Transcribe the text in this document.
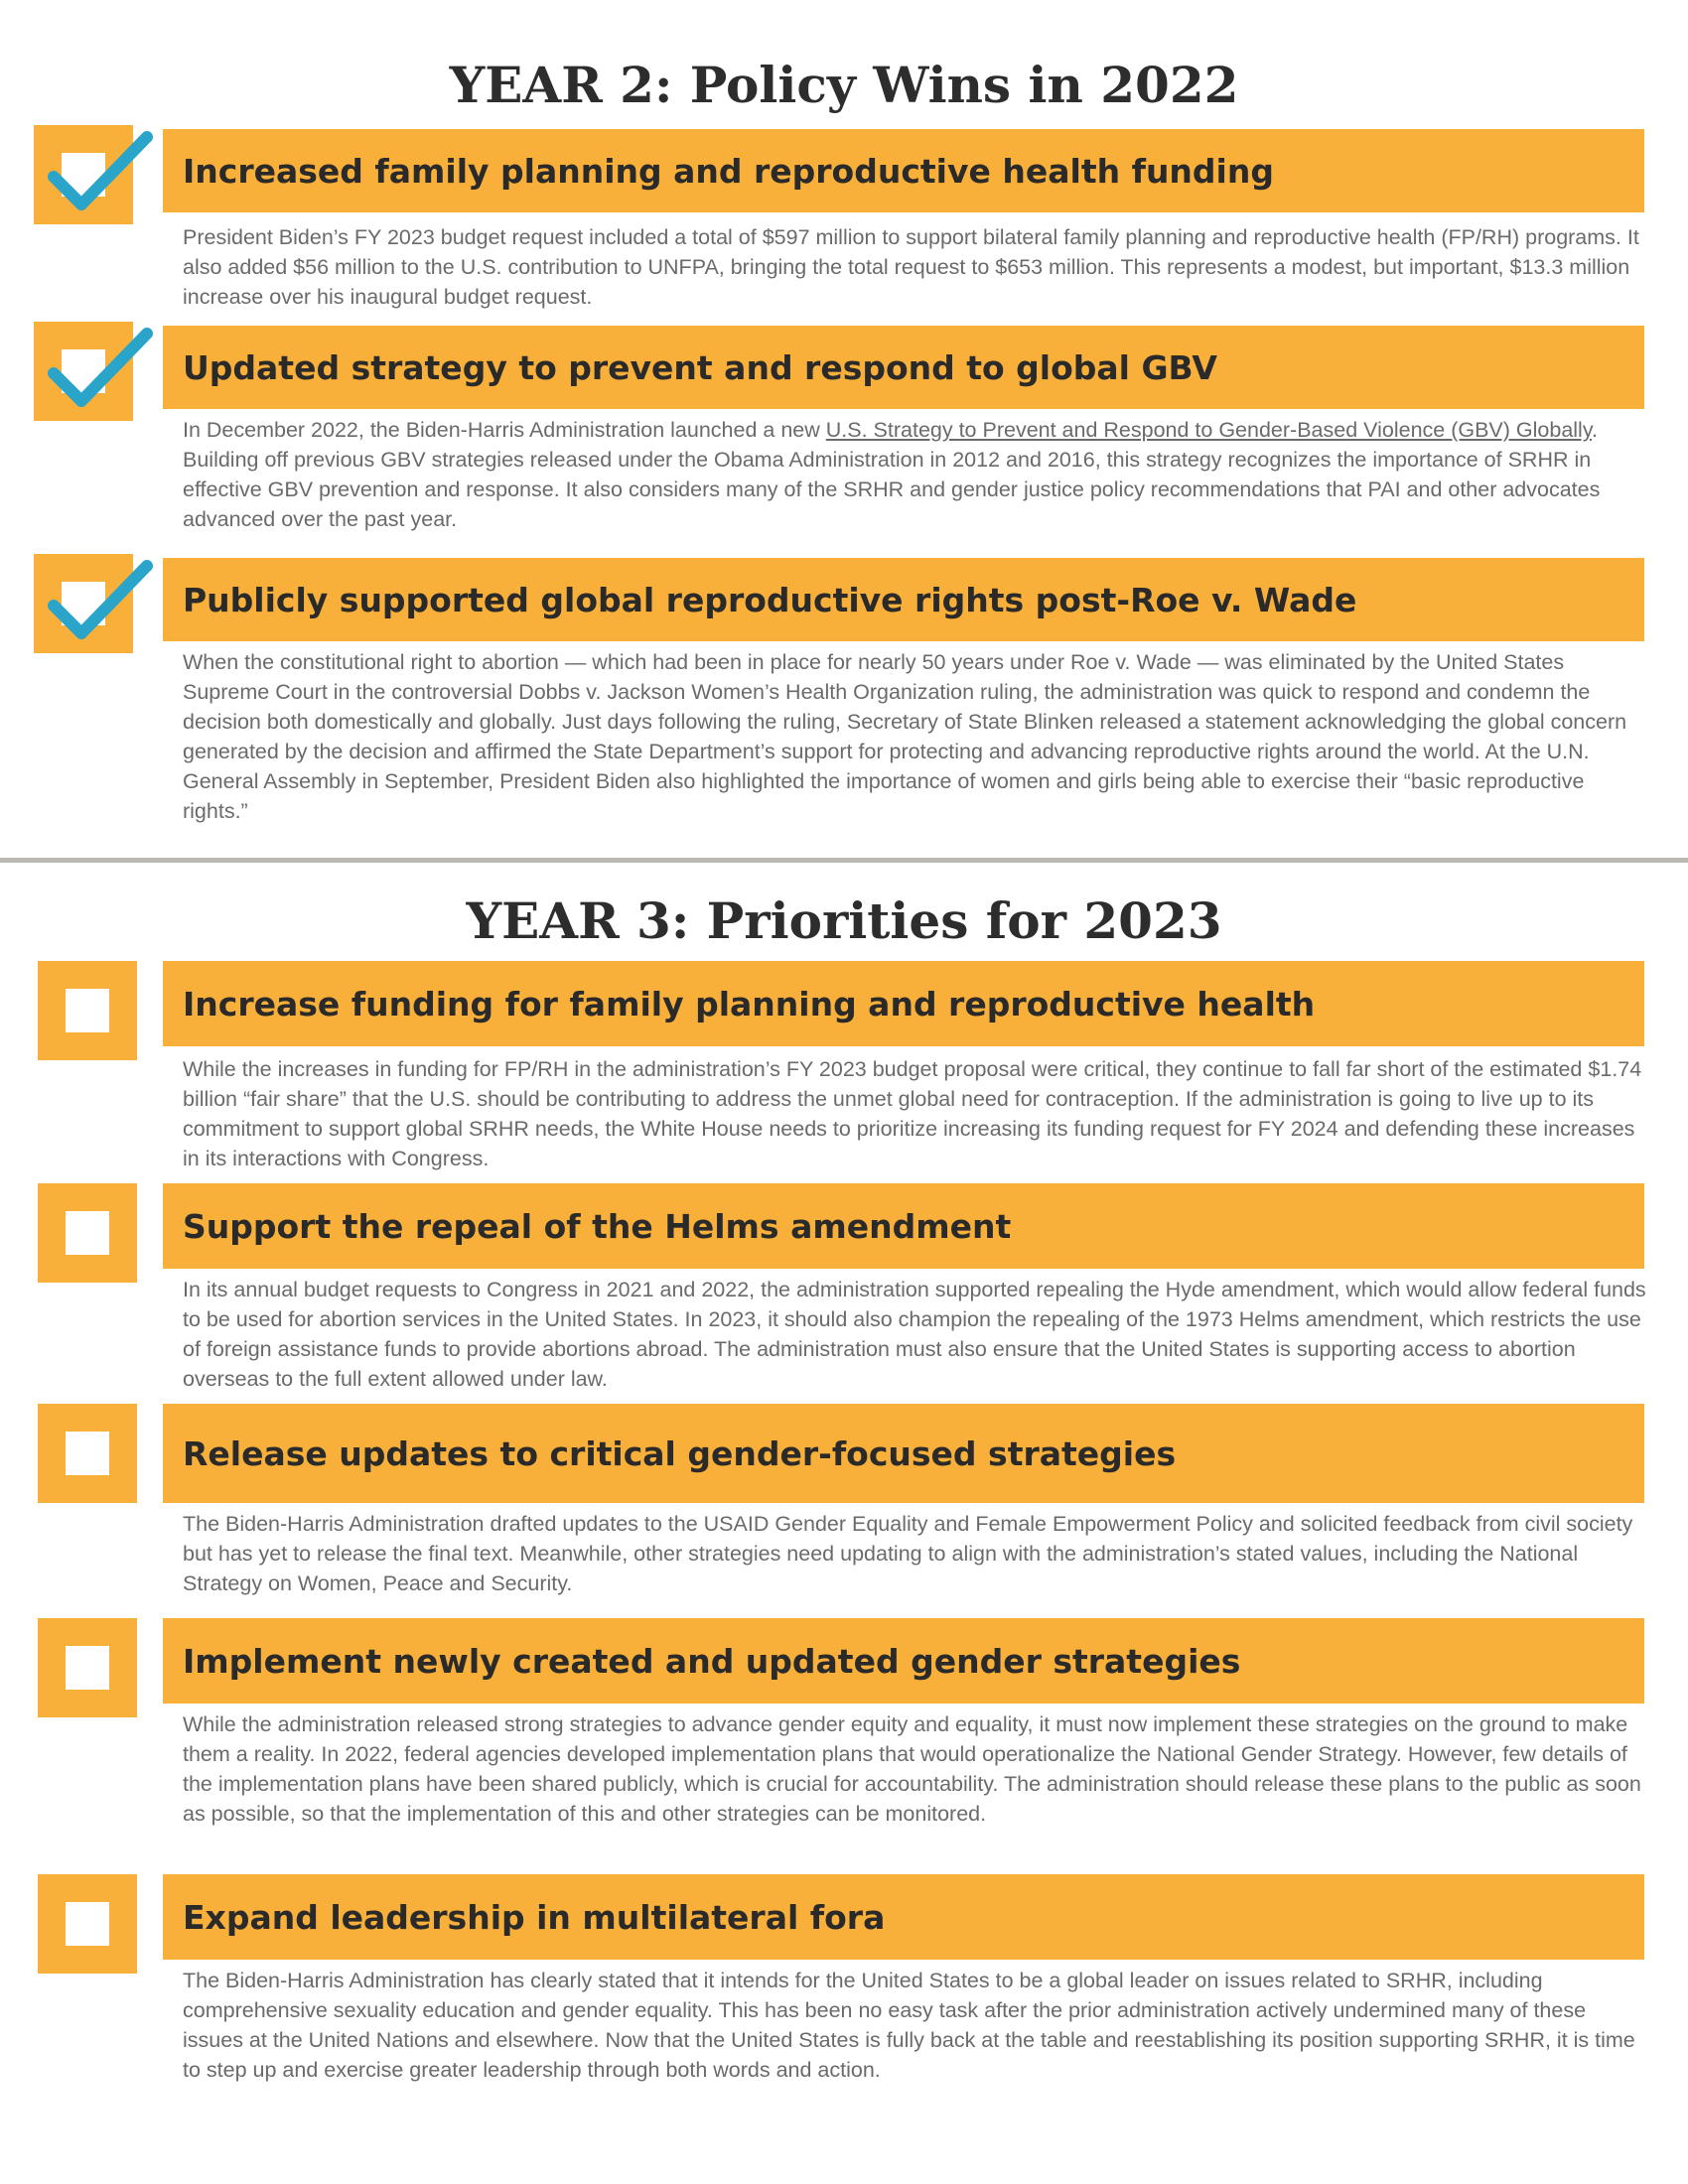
YEAR 2: Policy Wins in 2022
Increased family planning and reproductive health funding

President Biden’s FY 2023 budget request included a total of $597 million to support bilateral family planning and reproductive health (FP/RH) programs. It also added $56 million to the U.S. contribution to UNFPA, bringing the total request to $653 million. This represents a modest, but important, $13.3 million increase over his inaugural budget request.

Updated strategy to prevent and respond to global GBV

In December 2022, the Biden-Harris Administration launched a new U.S. Strategy to Prevent and Respond to Gender-Based Violence (GBV) Globally. Building off previous GBV strategies released under the Obama Administration in 2012 and 2016, this strategy recognizes the importance of SRHR in effective GBV prevention and response. It also considers many of the SRHR and gender justice policy recommendations that PAI and other advocates advanced over the past year.

Publicly supported global reproductive rights post-Roe v. Wade

When the constitutional right to abortion — which had been in place for nearly 50 years under Roe v. Wade — was eliminated by the United States Supreme Court in the controversial Dobbs v. Jackson Women’s Health Organization ruling, the administration was quick to respond and condemn the decision both domestically and globally. Just days following the ruling, Secretary of State Blinken released a statement acknowledging the global concern generated by the decision and affirmed the State Department’s support for protecting and advancing reproductive rights around the world. At the U.N. General Assembly in September, President Biden also highlighted the importance of women and girls being able to exercise their “basic reproductive rights.”

YEAR 3: Priorities for 2023
Increase funding for family planning and reproductive health

While the increases in funding for FP/RH in the administration’s FY 2023 budget proposal were critical, they continue to fall far short of the estimated $1.74 billion “fair share” that the U.S. should be contributing to address the unmet global need for contraception. If the administration is going to live up to its commitment to support global SRHR needs, the White House needs to prioritize increasing its funding request for FY 2024 and defending these increases in its interactions with Congress.

Support the repeal of the Helms amendment

In its annual budget requests to Congress in 2021 and 2022, the administration supported repealing the Hyde amendment, which would allow federal funds to be used for abortion services in the United States. In 2023, it should also champion the repealing of the 1973 Helms amendment, which restricts the use of foreign assistance funds to provide abortions abroad. The administration must also ensure that the United States is supporting access to abortion overseas to the full extent allowed under law.

Release updates to critical gender-focused strategies

The Biden-Harris Administration drafted updates to the USAID Gender Equality and Female Empowerment Policy and solicited feedback from civil society but has yet to release the final text. Meanwhile, other strategies need updating to align with the administration’s stated values, including the National Strategy on Women, Peace and Security.

Implement newly created and updated gender strategies

While the administration released strong strategies to advance gender equity and equality, it must now implement these strategies on the ground to make them a reality. In 2022, federal agencies developed implementation plans that would operationalize the National Gender Strategy. However, few details of the implementation plans have been shared publicly, which is crucial for accountability. The administration should release these plans to the public as soon as possible, so that the implementation of this and other strategies can be monitored.

Expand leadership in multilateral fora

The Biden-Harris Administration has clearly stated that it intends for the United States to be a global leader on issues related to SRHR, including comprehensive sexuality education and gender equality. This has been no easy task after the prior administration actively undermined many of these issues at the United Nations and elsewhere. Now that the United States is fully back at the table and reestablishing its position supporting SRHR, it is time to step up and exercise greater leadership through both words and action.
